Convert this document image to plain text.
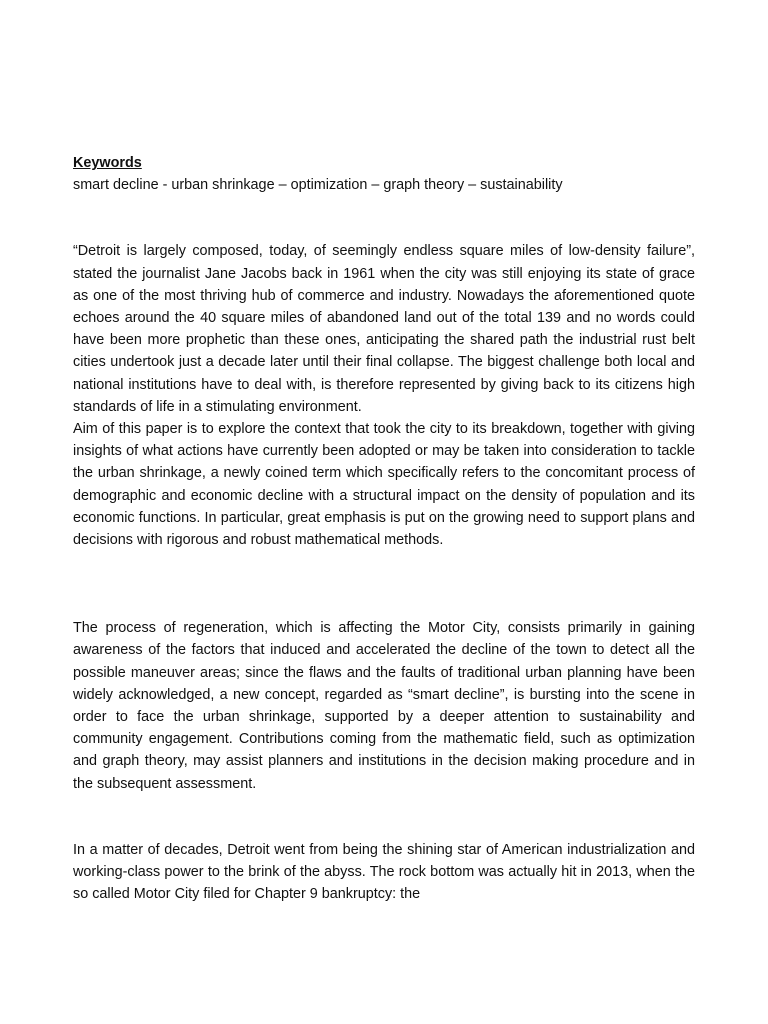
Keywords

smart decline - urban shrinkage – optimization – graph theory – sustainability

“Detroit is largely composed, today, of seemingly endless square miles of low-density failure”, stated the journalist Jane Jacobs back in 1961 when the city was still enjoying its state of grace as one of the most thriving hub of commerce and industry. Nowadays the aforementioned quote echoes around the 40 square miles of abandoned land out of the total 139 and no words could have been more prophetic than these ones, anticipating the shared path the industrial rust belt cities undertook just a decade later until their final collapse. The biggest challenge both local and national institutions have to deal with, is therefore represented by giving back to its citizens high standards of life in a stimulating environment.

Aim of this paper is to explore the context that took the city to its breakdown, together with giving insights of what actions have currently been adopted or may be taken into consideration to tackle the urban shrinkage, a newly coined term which specifically refers to the concomitant process of demographic and economic decline with a structural impact on the density of population and its economic functions. In particular, great emphasis is put on the growing need to support plans and decisions with rigorous and robust mathematical methods.

The process of regeneration, which is affecting the Motor City, consists primarily in gaining awareness of the factors that induced and accelerated the decline of the town to detect all the possible maneuver areas; since the flaws and the faults of traditional urban planning have been widely acknowledged, a new concept, regarded as “smart decline”, is bursting into the scene in order to face the urban shrinkage, supported by a deeper attention to sustainability and community engagement. Contributions coming from the mathematic field, such as optimization and graph theory, may assist planners and institutions in the decision making procedure and in the subsequent assessment.

In a matter of decades, Detroit went from being the shining star of American industrialization and working-class power to the brink of the abyss. The rock bottom was actually hit in 2013, when the so called Motor City filed for Chapter 9 bankruptcy: the
